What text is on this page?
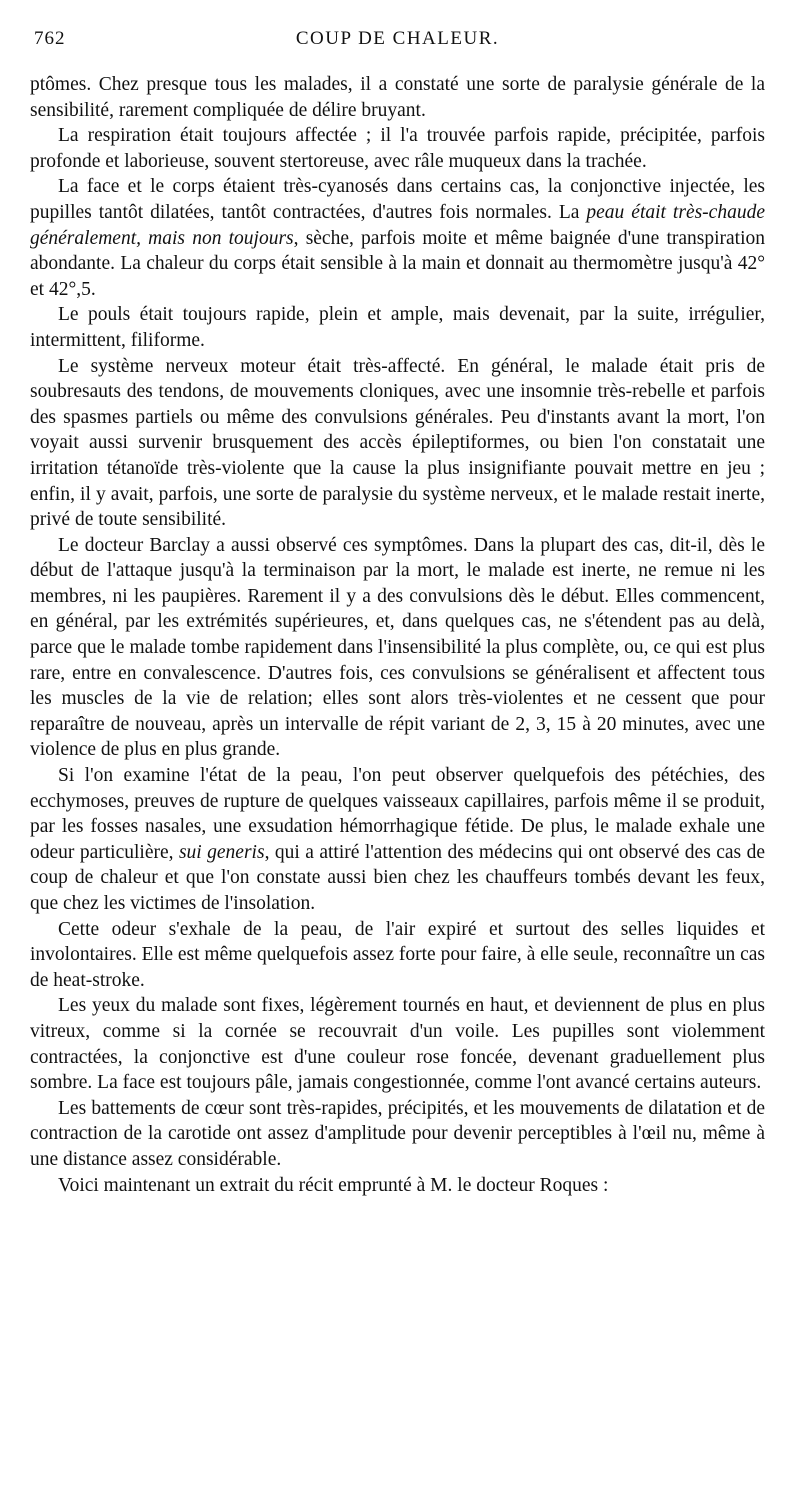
762	COUP DE CHALEUR.

ptômes. Chez presque tous les malades, il a constaté une sorte de paralysie générale de la sensibilité, rarement compliquée de délire bruyant.

La respiration était toujours affectée ; il l'a trouvée parfois rapide, précipitée, parfois profonde et laborieuse, souvent stertoreuse, avec râle muqueux dans la trachée.

La face et le corps étaient très-cyanosés dans certains cas, la conjonctive injectée, les pupilles tantôt dilatées, tantôt contractées, d'autres fois normales. La peau était très-chaude généralement, mais non toujours, sèche, parfois moite et même baignée d'une transpiration abondante. La chaleur du corps était sensible à la main et donnait au thermomètre jusqu'à 42° et 42°,5.

Le pouls était toujours rapide, plein et ample, mais devenait, par la suite, irrégulier, intermittent, filiforme.

Le système nerveux moteur était très-affecté. En général, le malade était pris de soubresauts des tendons, de mouvements cloniques, avec une insomnie très-rebelle et parfois des spasmes partiels ou même des convulsions générales. Peu d'instants avant la mort, l'on voyait aussi survenir brusquement des accès épileptiformes, ou bien l'on constatait une irritation tétanoïde très-violente que la cause la plus insignifiante pouvait mettre en jeu ; enfin, il y avait, parfois, une sorte de paralysie du système nerveux, et le malade restait inerte, privé de toute sensibilité.

Le docteur Barclay a aussi observé ces symptômes. Dans la plupart des cas, dit-il, dès le début de l'attaque jusqu'à la terminaison par la mort, le malade est inerte, ne remue ni les membres, ni les paupières. Rarement il y a des convulsions dès le début. Elles commencent, en général, par les extrémités supérieures, et, dans quelques cas, ne s'étendent pas au delà, parce que le malade tombe rapidement dans l'insensibilité la plus complète, ou, ce qui est plus rare, entre en convalescence. D'autres fois, ces convulsions se généralisent et affectent tous les muscles de la vie de relation; elles sont alors très-violentes et ne cessent que pour reparaître de nouveau, après un intervalle de répit variant de 2, 3, 15 à 20 minutes, avec une violence de plus en plus grande.

Si l'on examine l'état de la peau, l'on peut observer quelquefois des pétéchies, des ecchymoses, preuves de rupture de quelques vaisseaux capillaires, parfois même il se produit, par les fosses nasales, une exsudation hémorrhagique fétide. De plus, le malade exhale une odeur particulière, sui generis, qui a attiré l'attention des médecins qui ont observé des cas de coup de chaleur et que l'on constate aussi bien chez les chauffeurs tombés devant les feux, que chez les victimes de l'insolation.

Cette odeur s'exhale de la peau, de l'air expiré et surtout des selles liquides et involontaires. Elle est même quelquefois assez forte pour faire, à elle seule, reconnaître un cas de heat-stroke.

Les yeux du malade sont fixes, légèrement tournés en haut, et deviennent de plus en plus vitreux, comme si la cornée se recouvrait d'un voile. Les pupilles sont violemment contractées, la conjonctive est d'une couleur rose foncée, devenant graduellement plus sombre. La face est toujours pâle, jamais congestionnée, comme l'ont avancé certains auteurs.

Les battements de cœur sont très-rapides, précipités, et les mouvements de dilatation et de contraction de la carotide ont assez d'amplitude pour devenir perceptibles à l'œil nu, même à une distance assez considérable.

Voici maintenant un extrait du récit emprunté à M. le docteur Roques :
